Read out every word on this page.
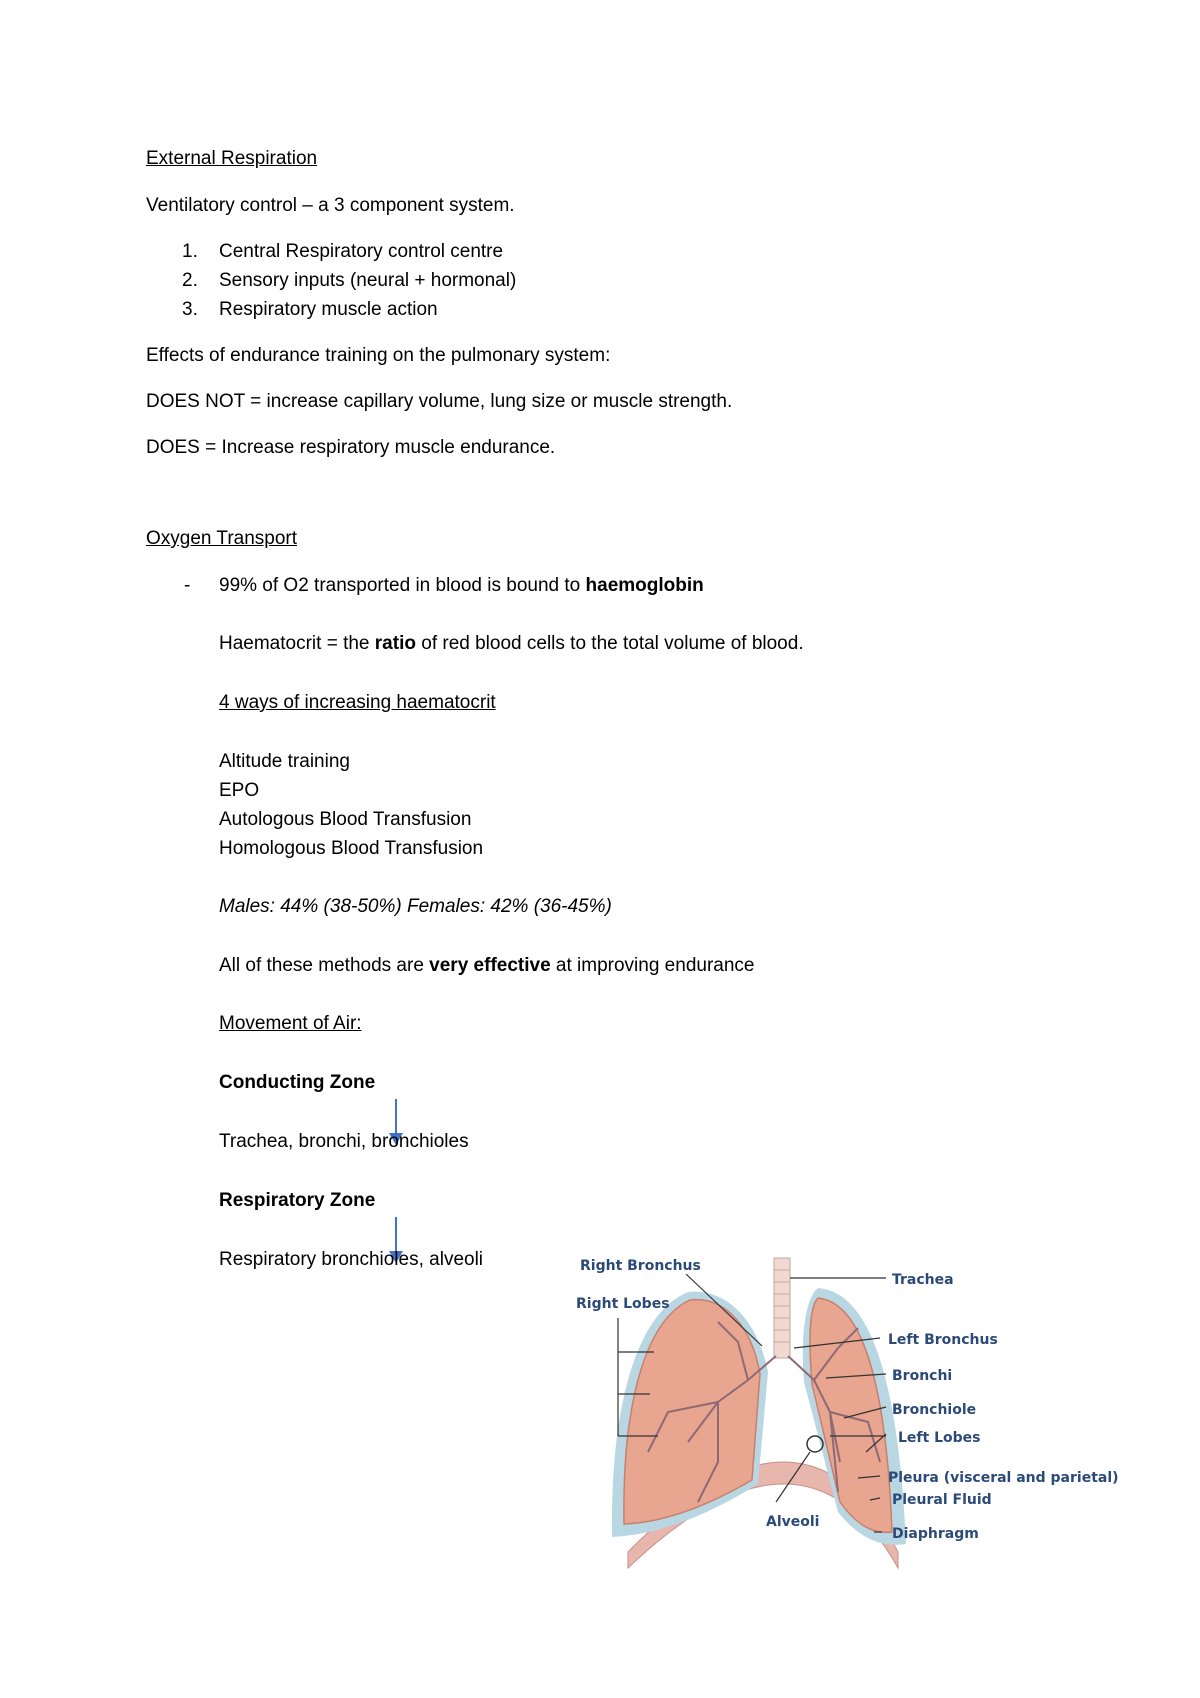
External Respiration
Ventilatory control – a 3 component system.
1. Central Respiratory control centre
2. Sensory inputs (neural + hormonal)
3. Respiratory muscle action
Effects of endurance training on the pulmonary system:
DOES NOT = increase capillary volume, lung size or muscle strength.
DOES = Increase respiratory muscle endurance.
Oxygen Transport
- 99% of O2 transported in blood is bound to haemoglobin
Haematocrit = the ratio of red blood cells to the total volume of blood.
4 ways of increasing haematocrit
Altitude training
EPO
Autologous Blood Transfusion
Homologous Blood Transfusion
Males: 44% (38-50%) Females: 42% (36-45%)
All of these methods are very effective at improving endurance
Movement of Air:
Conducting Zone
Trachea, bronchi, bronchioles
Respiratory Zone
Respiratory bronchioles, alveoli	Right Bronchus
Right Lobes
Trachea
Left Bronchus
Bronchi
Bronchiole
Left Lobes
Pleura (visceral and parietal)
Pleural Fluid
Diaphragm
Alveoli
